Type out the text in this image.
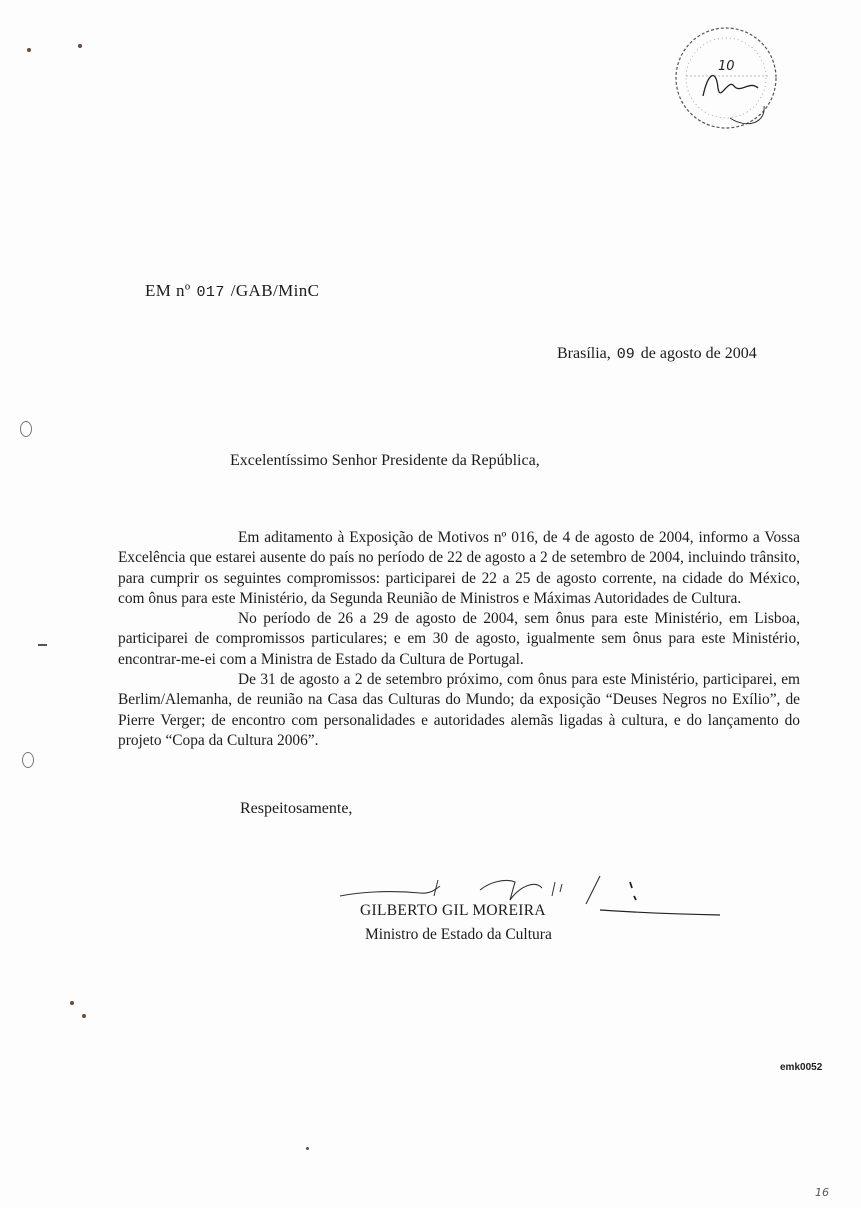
10
EM nº 017 /GAB/MinC
Brasília, 09 de agosto de 2004
Excelentíssimo Senhor Presidente da República,

Em aditamento à Exposição de Motivos nº 016, de 4 de agosto de 2004, informo a Vossa Excelência que estarei ausente do país no período de 22 de agosto a 2 de setembro de 2004, incluindo trânsito, para cumprir os seguintes compromissos: participarei de 22 a 25 de agosto corrente, na cidade do México, com ônus para este Ministério, da Segunda Reunião de Ministros e Máximas Autoridades de Cultura.

No período de 26 a 29 de agosto de 2004, sem ônus para este Ministério, em Lisboa, participarei de compromissos particulares; e em 30 de agosto, igualmente sem ônus para este Ministério, encontrar-me-ei com a Ministra de Estado da Cultura de Portugal.

De 31 de agosto a 2 de setembro próximo, com ônus para este Ministério, participarei, em Berlim/Alemanha, de reunião na Casa das Culturas do Mundo; da exposição “Deuses Negros no Exílio”, de Pierre Verger; de encontro com personalidades e autoridades alemãs ligadas à cultura, e do lançamento do projeto “Copa da Cultura 2006”.

Respeitosamente,
GILBERTO GIL MOREIRA
Ministro de Estado da Cultura
emk0052
16
